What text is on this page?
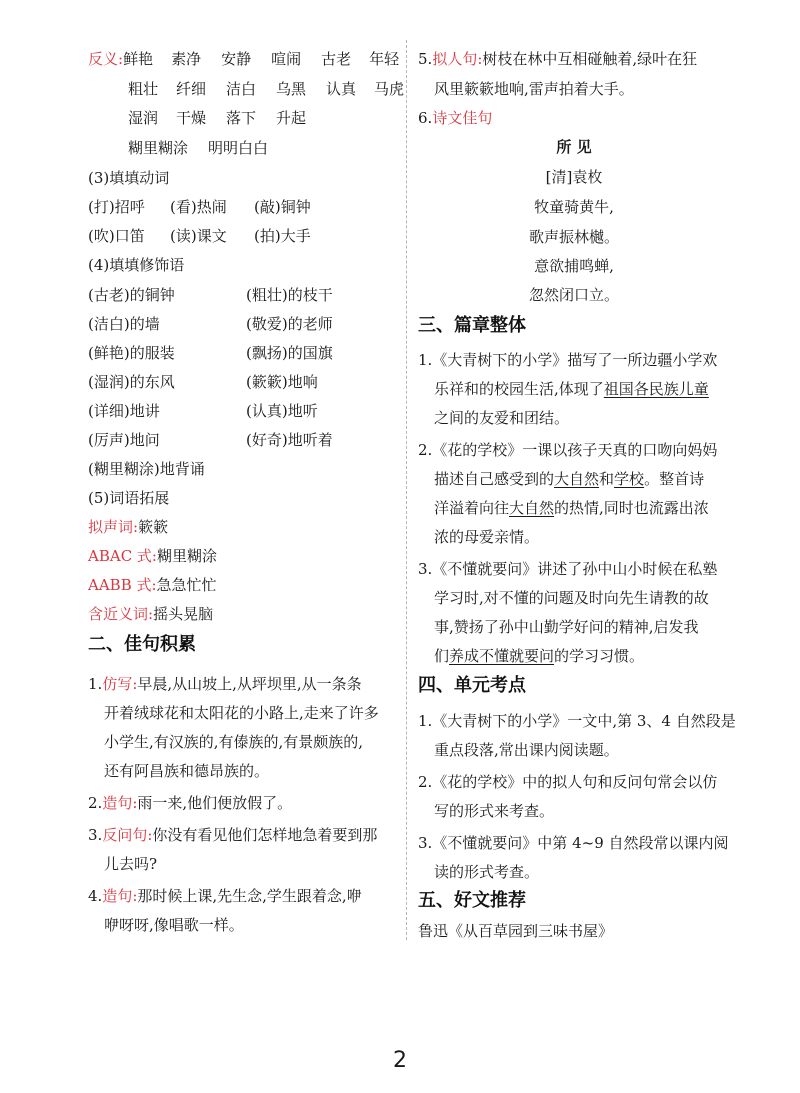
反义:鲜艳 素净 安静 喧闹 古老 年轻
粗壮 纤细 洁白 乌黑 认真 马虎
湿润 干燥 落下 升起
糊里糊涂 明明白白
(3)填填动词
(打)招呼 (看)热闹 (敲)铜钟
(吹)口笛 (读)课文 (拍)大手
(4)填填修饰语
(古老)的铜钟	(粗壮)的枝干
(洁白)的墙	(敬爱)的老师
(鲜艳)的服装	(飘扬)的国旗
(湿润)的东风	(簌簌)地响
(详细)地讲	(认真)地听
(厉声)地问	(好奇)地听着
(糊里糊涂)地背诵
(5)词语拓展
拟声词:簌簌
ABAC 式:糊里糊涂
AABB 式:急急忙忙
含近义词:摇头晃脑
二、佳句积累
1.仿写:早晨,从山坡上,从坪坝里,从一条条
开着绒球花和太阳花的小路上,走来了许多
小学生,有汉族的,有傣族的,有景颇族的,
还有阿昌族和德昂族的。
2.造句:雨一来,他们便放假了。
3.反问句:你没有看见他们怎样地急着要到那
儿去吗?
4.造句:那时候上课,先生念,学生跟着念,咿
咿呀呀,像唱歌一样。
5.拟人句:树枝在林中互相碰触着,绿叶在狂
风里簌簌地响,雷声拍着大手。
6.诗文佳句
所 见
[清]袁枚
牧童骑黄牛,
歌声振林樾。
意欲捕鸣蝉,
忽然闭口立。
三、篇章整体
1.《大青树下的小学》描写了一所边疆小学欢
乐祥和的校园生活,体现了祖国各民族儿童
之间的友爱和团结。
2.《花的学校》一课以孩子天真的口吻向妈妈
描述自己感受到的大自然和学校。整首诗
洋溢着向往大自然的热情,同时也流露出浓
浓的母爱亲情。
3.《不懂就要问》讲述了孙中山小时候在私塾
学习时,对不懂的问题及时向先生请教的故
事,赞扬了孙中山勤学好问的精神,启发我
们养成不懂就要问的学习习惯。
四、单元考点
1.《大青树下的小学》一文中,第 3、4 自然段是
重点段落,常出课内阅读题。
2.《花的学校》中的拟人句和反问句常会以仿
写的形式来考查。
3.《不懂就要问》中第 4~9 自然段常以课内阅
读的形式考查。
五、好文推荐
鲁迅《从百草园到三味书屋》
2
